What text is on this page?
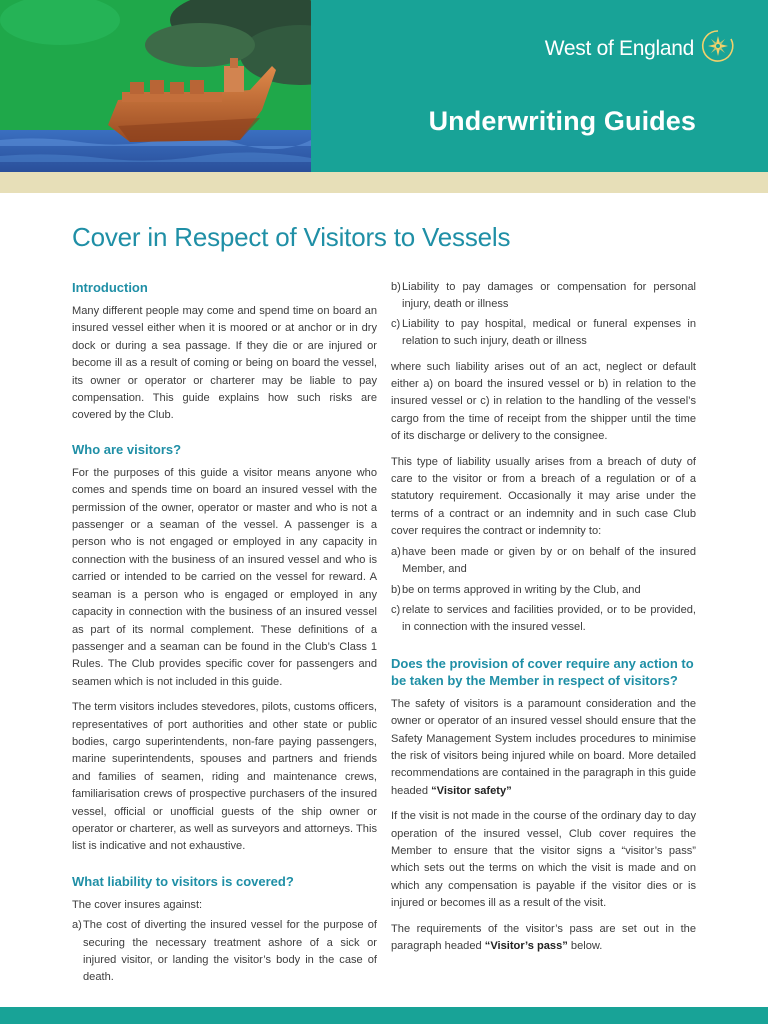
West of England
Underwriting Guides
Cover in Respect of Visitors to Vessels
Introduction

Many different people may come and spend time on board an insured vessel either when it is moored or at anchor or in dry dock or during a sea passage. If they die or are injured or become ill as a result of coming or being on board the vessel, its owner or operator or charterer may be liable to pay compensation. This guide explains how such risks are covered by the Club.

Who are visitors?

For the purposes of this guide a visitor means anyone who comes and spends time on board an insured vessel with the permission of the owner, operator or master and who is not a passenger or a seaman of the vessel. A passenger is a person who is not engaged or employed in any capacity in connection with the business of an insured vessel and who is carried or intended to be carried on the vessel for reward. A seaman is a person who is engaged or employed in any capacity in connection with the business of an insured vessel as part of its normal complement. These definitions of a passenger and a seaman can be found in the Club’s Class 1 Rules. The Club provides specific cover for passengers and seamen which is not included in this guide.

The term visitors includes stevedores, pilots, customs officers, representatives of port authorities and other state or public bodies, cargo superintendents, non-fare paying passengers, marine superintendents, spouses and partners and friends and families of seamen, riding and maintenance crews, familiarisation crews of prospective purchasers of the insured vessel, official or unofficial guests of the ship owner or operator or charterer, as well as surveyors and attorneys. This list is indicative and not exhaustive.

What liability to visitors is covered?

The cover insures against:

a) The cost of diverting the insured vessel for the purpose of securing the necessary treatment ashore of a sick or injured visitor, or landing the visitor’s body in the case of death.
b) Liability to pay damages or compensation for personal injury, death or illness
c) Liability to pay hospital, medical or funeral expenses in relation to such injury, death or illness

where such liability arises out of an act, neglect or default either a) on board the insured vessel or b) in relation to the insured vessel or c) in relation to the handling of the vessel’s cargo from the time of receipt from the shipper until the time of its discharge or delivery to the consignee.

This type of liability usually arises from a breach of duty of care to the visitor or from a breach of a regulation or of a statutory requirement. Occasionally it may arise under the terms of a contract or an indemnity and in such case Club cover requires the contract or indemnity to:

a) have been made or given by or on behalf of the insured Member, and
b) be on terms approved in writing by the Club, and
c) relate to services and facilities provided, or to be provided, in connection with the insured vessel.
Does the provision of cover require any action to be taken by the Member in respect of visitors?

The safety of visitors is a paramount consideration and the owner or operator of an insured vessel should ensure that the Safety Management System includes procedures to minimise the risk of visitors being injured while on board. More detailed recommendations are contained in the paragraph in this guide headed “Visitor safety”

If the visit is not made in the course of the ordinary day to day operation of the insured vessel, Club cover requires the Member to ensure that the visitor signs a “visitor’s pass” which sets out the terms on which the visit is made and on which any compensation is payable if the visitor dies or is injured or becomes ill as a result of the visit.

The requirements of the visitor’s pass are set out in the paragraph headed “Visitor’s pass” below.
